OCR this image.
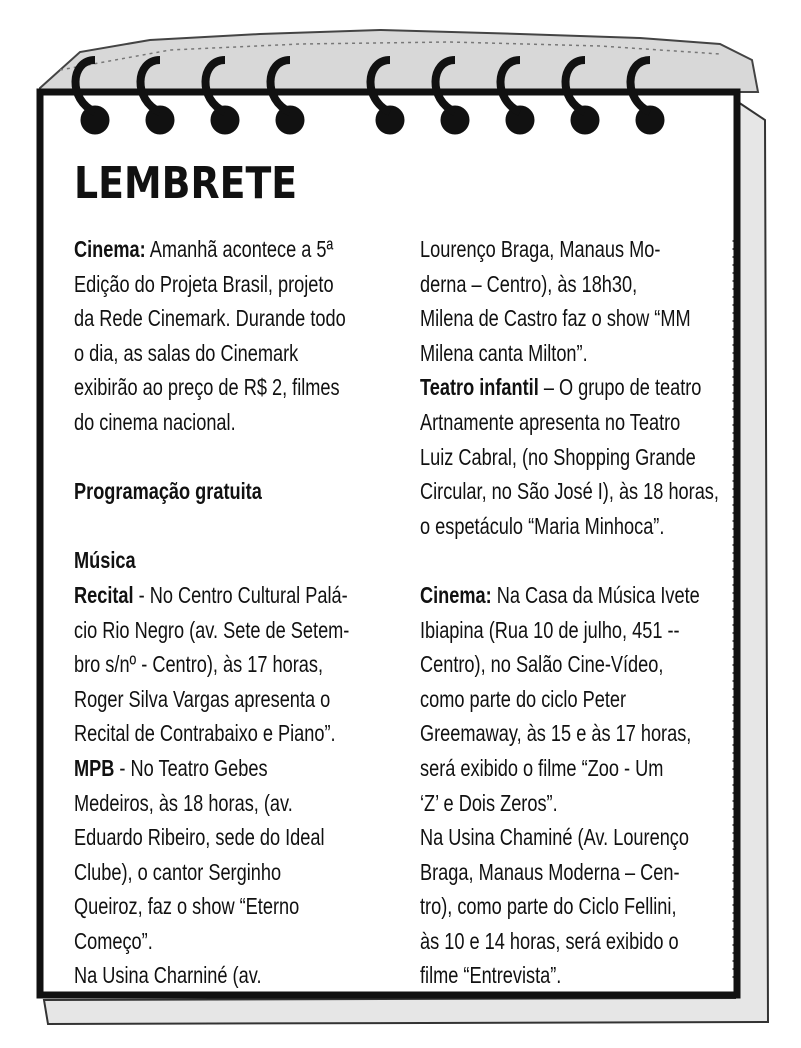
LEMBRETE
Cinema: Amanhã acontece a 5ª
Edição do Projeta Brasil, projeto
da Rede Cinemark. Durande todo
o dia, as salas do Cinemark
exibirão ao preço de R$ 2, filmes
do cinema nacional.
Programação gratuita
Música
Recital - No Centro Cultural Palá-
cio Rio Negro (av. Sete de Setem-
bro s/nº - Centro), às 17 horas,
Roger Silva Vargas apresenta o
Recital de Contrabaixo e Piano”.
MPB - No Teatro Gebes
Medeiros, às 18 horas, (av.
Eduardo Ribeiro, sede do Ideal
Clube), o cantor Serginho
Queiroz, faz o show “Eterno
Começo”.
Na Usina Charniné (av.
Lourenço Braga, Manaus Mo-
derna – Centro), às 18h30,
Milena de Castro faz o show “MM
Milena canta Milton”.
Teatro infantil – O grupo de teatro
Artnamente apresenta no Teatro
Luiz Cabral, (no Shopping Grande
Circular, no São José I), às 18 horas,
o espetáculo “Maria Minhoca”.
Cinema: Na Casa da Música Ivete
Ibiapina (Rua 10 de julho, 451 --
Centro), no Salão Cine-Vídeo,
como parte do ciclo Peter
Greemaway, às 15 e às 17 horas,
será exibido o filme “Zoo - Um
‘Z’ e Dois Zeros”.
Na Usina Chaminé (Av. Lourenço
Braga, Manaus Moderna – Cen-
tro), como parte do Ciclo Fellini,
às 10 e 14 horas, será exibido o
filme “Entrevista”.
